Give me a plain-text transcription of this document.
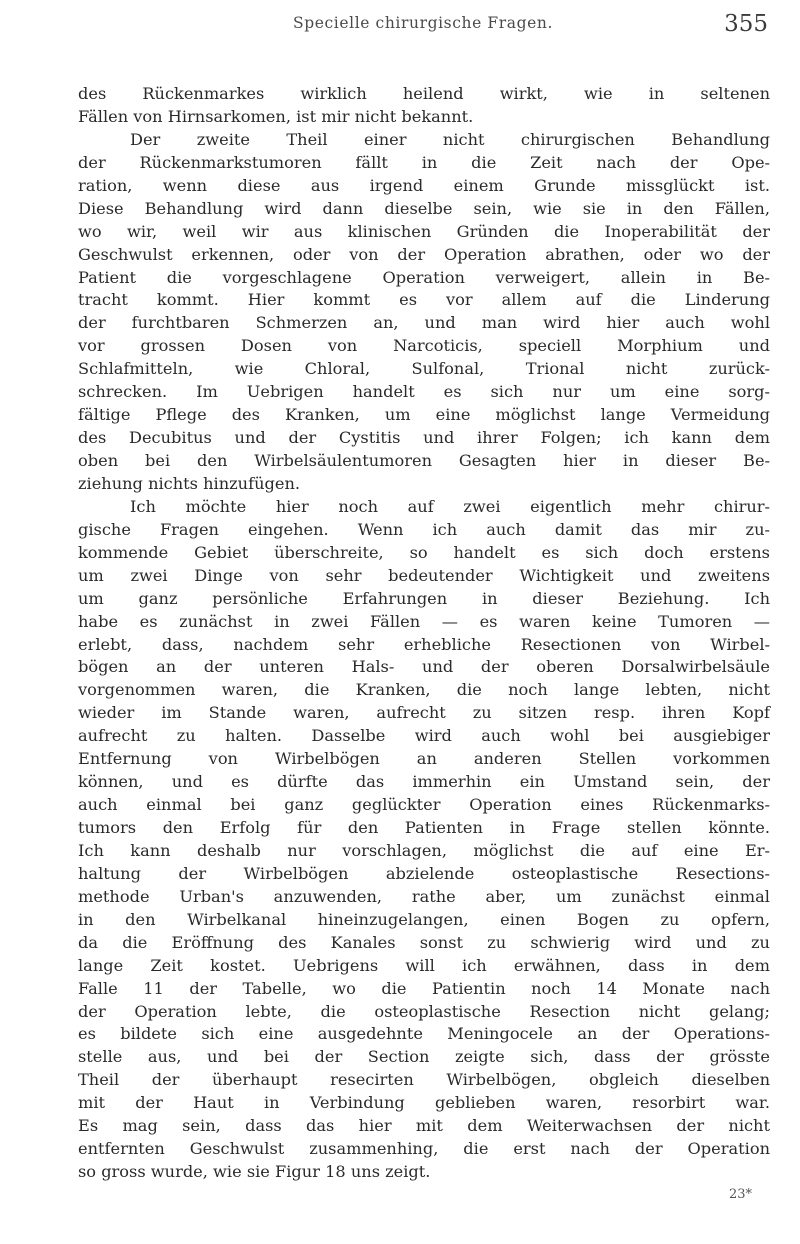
Specielle chirurgische Fragen.	355
des Rückenmarkes wirklich heilend wirkt, wie in seltenen
Fällen von Hirnsarkomen, ist mir nicht bekannt.
Der zweite Theil einer nicht chirurgischen Behandlung
der Rückenmarkstumoren fällt in die Zeit nach der Ope-
ration, wenn diese aus irgend einem Grunde missglückt ist.
Diese Behandlung wird dann dieselbe sein, wie sie in den Fällen,
wo wir, weil wir aus klinischen Gründen die Inoperabilität der
Geschwulst erkennen, oder von der Operation abrathen, oder wo der
Patient die vorgeschlagene Operation verweigert, allein in Be-
tracht kommt. Hier kommt es vor allem auf die Linderung
der furchtbaren Schmerzen an, und man wird hier auch wohl
vor grossen Dosen von Narcoticis, speciell Morphium und
Schlafmitteln, wie Chloral, Sulfonal, Trional nicht zurück-
schrecken. Im Uebrigen handelt es sich nur um eine sorg-
fältige Pflege des Kranken, um eine möglichst lange Vermeidung
des Decubitus und der Cystitis und ihrer Folgen; ich kann dem
oben bei den Wirbelsäulentumoren Gesagten hier in dieser Be-
ziehung nichts hinzufügen.
Ich möchte hier noch auf zwei eigentlich mehr chirur-
gische Fragen eingehen. Wenn ich auch damit das mir zu-
kommende Gebiet überschreite, so handelt es sich doch erstens
um zwei Dinge von sehr bedeutender Wichtigkeit und zweitens
um ganz persönliche Erfahrungen in dieser Beziehung. Ich
habe es zunächst in zwei Fällen — es waren keine Tumoren —
erlebt, dass, nachdem sehr erhebliche Resectionen von Wirbel-
bögen an der unteren Hals- und der oberen Dorsalwirbelsäule
vorgenommen waren, die Kranken, die noch lange lebten, nicht
wieder im Stande waren, aufrecht zu sitzen resp. ihren Kopf
aufrecht zu halten. Dasselbe wird auch wohl bei ausgiebiger
Entfernung von Wirbelbögen an anderen Stellen vorkommen
können, und es dürfte das immerhin ein Umstand sein, der
auch einmal bei ganz geglückter Operation eines Rückenmarks-
tumors den Erfolg für den Patienten in Frage stellen könnte.
Ich kann deshalb nur vorschlagen, möglichst die auf eine Er-
haltung der Wirbelbögen abzielende osteoplastische Resections-
methode Urban's anzuwenden, rathe aber, um zunächst einmal
in den Wirbelkanal hineinzugelangen, einen Bogen zu opfern,
da die Eröffnung des Kanales sonst zu schwierig wird und zu
lange Zeit kostet. Uebrigens will ich erwähnen, dass in dem
Falle 11 der Tabelle, wo die Patientin noch 14 Monate nach
der Operation lebte, die osteoplastische Resection nicht gelang;
es bildete sich eine ausgedehnte Meningocele an der Operations-
stelle aus, und bei der Section zeigte sich, dass der grösste
Theil der überhaupt resecirten Wirbelbögen, obgleich dieselben
mit der Haut in Verbindung geblieben waren, resorbirt war.
Es mag sein, dass das hier mit dem Weiterwachsen der nicht
entfernten Geschwulst zusammenhing, die erst nach der Operation
so gross wurde, wie sie Figur 18 uns zeigt.
23*
